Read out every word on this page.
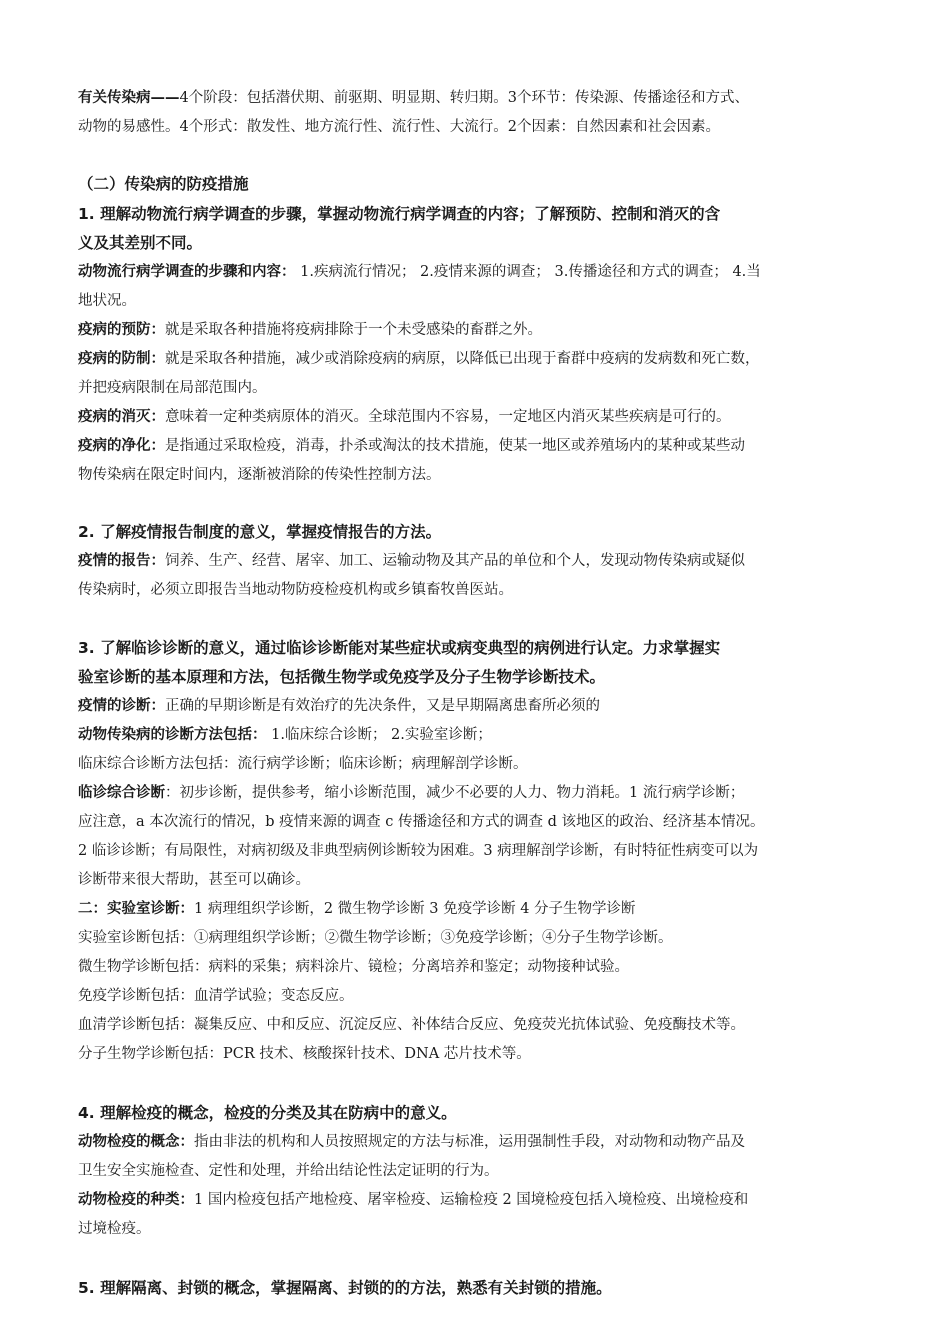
有关传染病——4个阶段：包括潜伏期、前驱期、明显期、转归期。3个环节：传染源、传播途径和方式、
动物的易感性。4个形式：散发性、地方流行性、流行性、大流行。2个因素：自然因素和社会因素。
（二）传染病的防疫措施
1. 理解动物流行病学调查的步骤，掌握动物流行病学调查的内容；了解预防、控制和消灭的含
义及其差别不同。
动物流行病学调查的步骤和内容： 1.疾病流行情况； 2.疫情来源的调查； 3.传播途径和方式的调查； 4.当
地状况。
疫病的预防：就是采取各种措施将疫病排除于一个未受感染的畜群之外。
疫病的防制：就是采取各种措施，减少或消除疫病的病原，以降低已出现于畜群中疫病的发病数和死亡数，
并把疫病限制在局部范围内。
疫病的消灭：意味着一定种类病原体的消灭。全球范围内不容易，一定地区内消灭某些疾病是可行的。
疫病的净化：是指通过采取检疫，消毒，扑杀或淘汰的技术措施，使某一地区或养殖场内的某种或某些动
物传染病在限定时间内，逐渐被消除的传染性控制方法。
2. 了解疫情报告制度的意义，掌握疫情报告的方法。
疫情的报告：饲养、生产、经营、屠宰、加工、运输动物及其产品的单位和个人，发现动物传染病或疑似
传染病时，必须立即报告当地动物防疫检疫机构或乡镇畜牧兽医站。
3. 了解临诊诊断的意义，通过临诊诊断能对某些症状或病变典型的病例进行认定。力求掌握实
验室诊断的基本原理和方法，包括微生物学或免疫学及分子生物学诊断技术。
疫情的诊断：正确的早期诊断是有效治疗的先决条件，又是早期隔离患畜所必须的
动物传染病的诊断方法包括： 1.临床综合诊断； 2.实验室诊断；
临床综合诊断方法包括：流行病学诊断；临床诊断；病理解剖学诊断。
临诊综合诊断：初步诊断，提供参考，缩小诊断范围，减少不必要的人力、物力消耗。1 流行病学诊断；
应注意，a 本次流行的情况，b 疫情来源的调查 c 传播途径和方式的调查 d 该地区的政治、经济基本情况。
2 临诊诊断；有局限性，对病初级及非典型病例诊断较为困难。3 病理解剖学诊断，有时特征性病变可以为
诊断带来很大帮助，甚至可以确诊。
二：实验室诊断：1 病理组织学诊断，2 微生物学诊断 3 免疫学诊断 4 分子生物学诊断
实验室诊断包括：①病理组织学诊断；②微生物学诊断；③免疫学诊断；④分子生物学诊断。
微生物学诊断包括：病料的采集；病料涂片、镜检；分离培养和鉴定；动物接种试验。
免疫学诊断包括：血清学试验；变态反应。
血清学诊断包括：凝集反应、中和反应、沉淀反应、补体结合反应、免疫荧光抗体试验、免疫酶技术等。
分子生物学诊断包括：PCR 技术、核酸探针技术、DNA 芯片技术等。
4. 理解检疫的概念，检疫的分类及其在防病中的意义。
动物检疫的概念：指由非法的机构和人员按照规定的方法与标准，运用强制性手段，对动物和动物产品及
卫生安全实施检查、定性和处理，并给出结论性法定证明的行为。
动物检疫的种类：1 国内检疫包括产地检疫、屠宰检疫、运输检疫 2 国境检疫包括入境检疫、出境检疫和
过境检疫。
5. 理解隔离、封锁的概念，掌握隔离、封锁的的方法，熟悉有关封锁的措施。
